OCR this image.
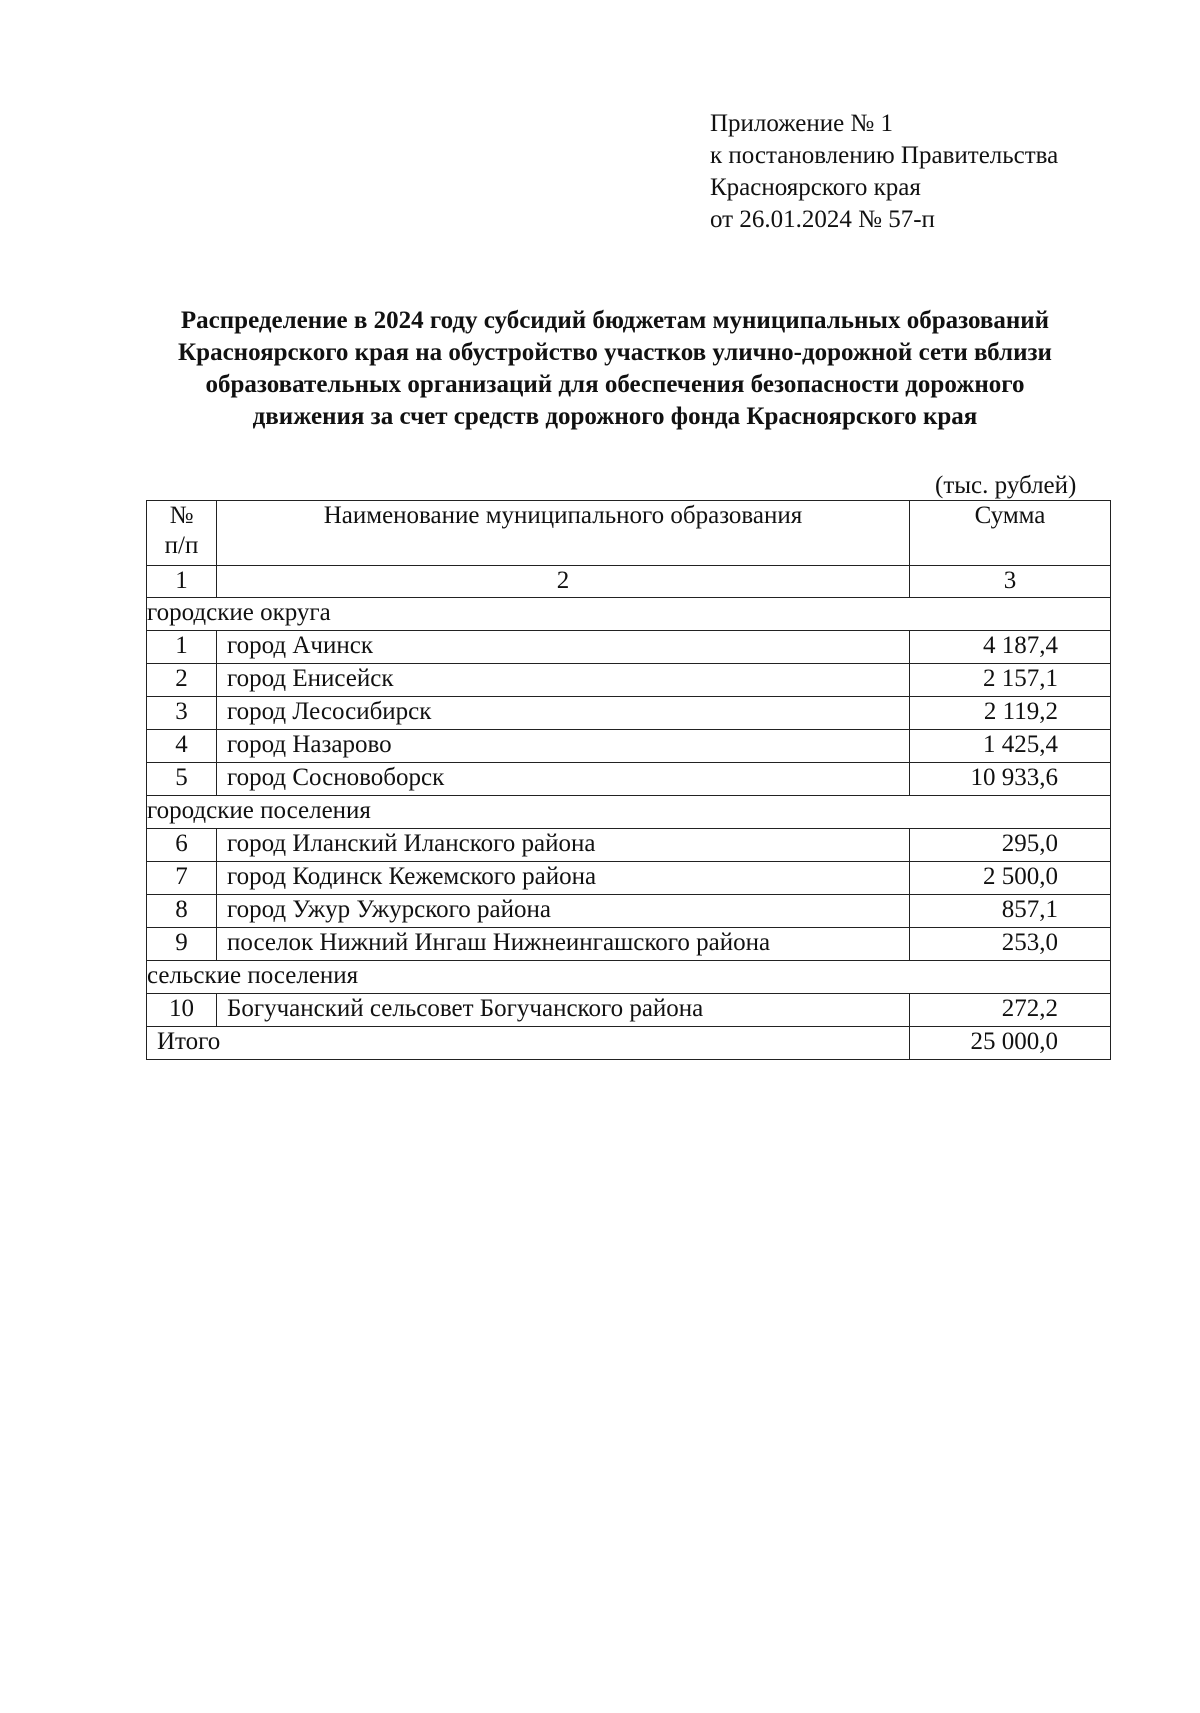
Приложение № 1
к постановлению Правительства
Красноярского края
от 26.01.2024 № 57-п
Распределение в 2024 году субсидий бюджетам муниципальных образований
Красноярского края на обустройство участков улично-дорожной сети вблизи
образовательных организаций для обеспечения безопасности дорожного
движения за счет средств дорожного фонда Красноярского края
(тыс. рублей)
№
п/п	Наименование муниципального образования	Сумма
1	2	3
городские округа		
1	город Ачинск	4 187,4
2	город Енисейск	2 157,1
3	город Лесосибирск	2 119,2
4	город Назарово	1 425,4
5	город Сосновоборск	10 933,6
городские поселения		
6	город Иланский Иланского района	295,0
7	город Кодинск Кежемского района	2 500,0
8	город Ужур Ужурского района	857,1
9	поселок Нижний Ингаш Нижнеингашского района	253,0
сельские поселения		
10	Богучанский сельсовет Богучанского района	272,2
Итого		25 000,0
